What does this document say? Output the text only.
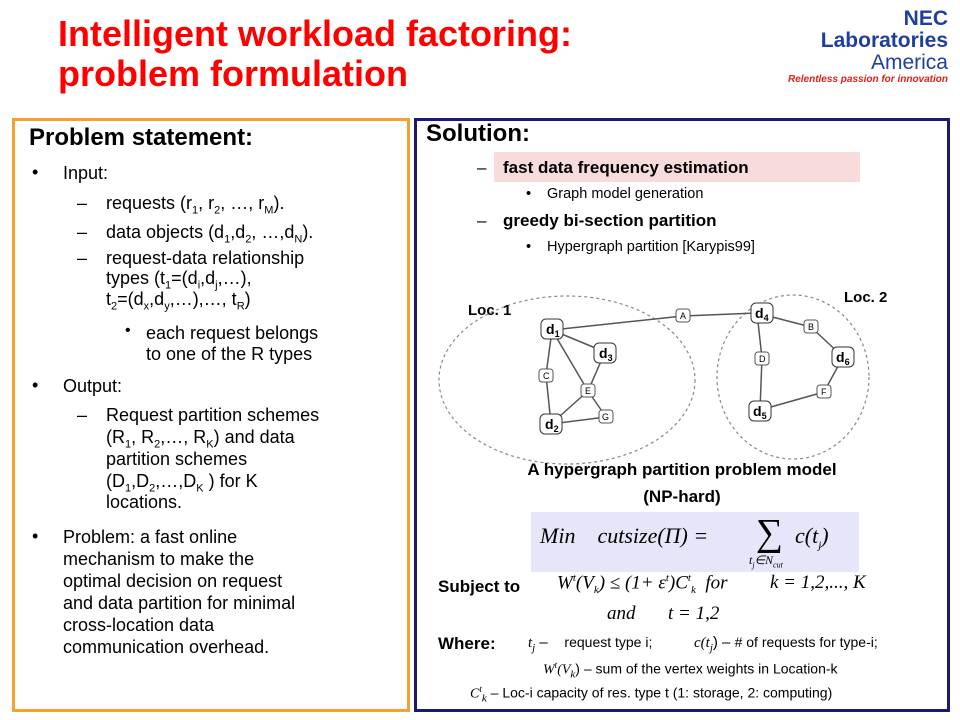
Intelligent workload factoring:
problem formulation
NEC Laboratories
America
Relentless passion for innovation
Problem statement:
• Input:
– requests ($r_1$, $r_2$, …, $r_M$).
– data objects ($d_1,d_2$, $\dots,d_N$).
– request-data relationship
types ($t_1=(d_i,d_j,\dots)$,
$t_2=(d_x,d_y,\dots),\dots$, $t_R$)
• each request belongs
to one of the R types
• Output:
– Request partition schemes
($R_1$, $R_2,\dots$, $R_K$) and data
partition schemes
($D_1,D_2,\dots,D_K$ ) for K
locations.
• Problem: a fast online
mechanism to make the
optimal decision on request
and data partition for minimal
cross-location data
communication overhead.
Solution:
– fast data frequency estimation
• Graph model generation
– greedy bi-section partition
• Hypergraph partition [Karypis99]
$d_1$
$d_2$
$d_3$
$d_4$
$d_5$
$d_6$
A
B
C
D
E	F
G
Loc. 1
Loc. 2
A hypergraph partition problem model
(NP-hard)
Min cutsize(Π) = ∑
$t_j\in N_{cut}$
$c(t_j)$
Subject to $W^t(V_k) \le (1+ \varepsilon^t)C^t_k$ for k = 1,2,..., K
and t = 1,2
Where: $t_j$ – request type i;	$c(t_j)$ – # of requests for type-i;
$W^t(V_k)$ – sum of the vertex weights in Location-k
$C^t_k - Loc-i$ capacity of res. type t (1: storage, 2: computing)
